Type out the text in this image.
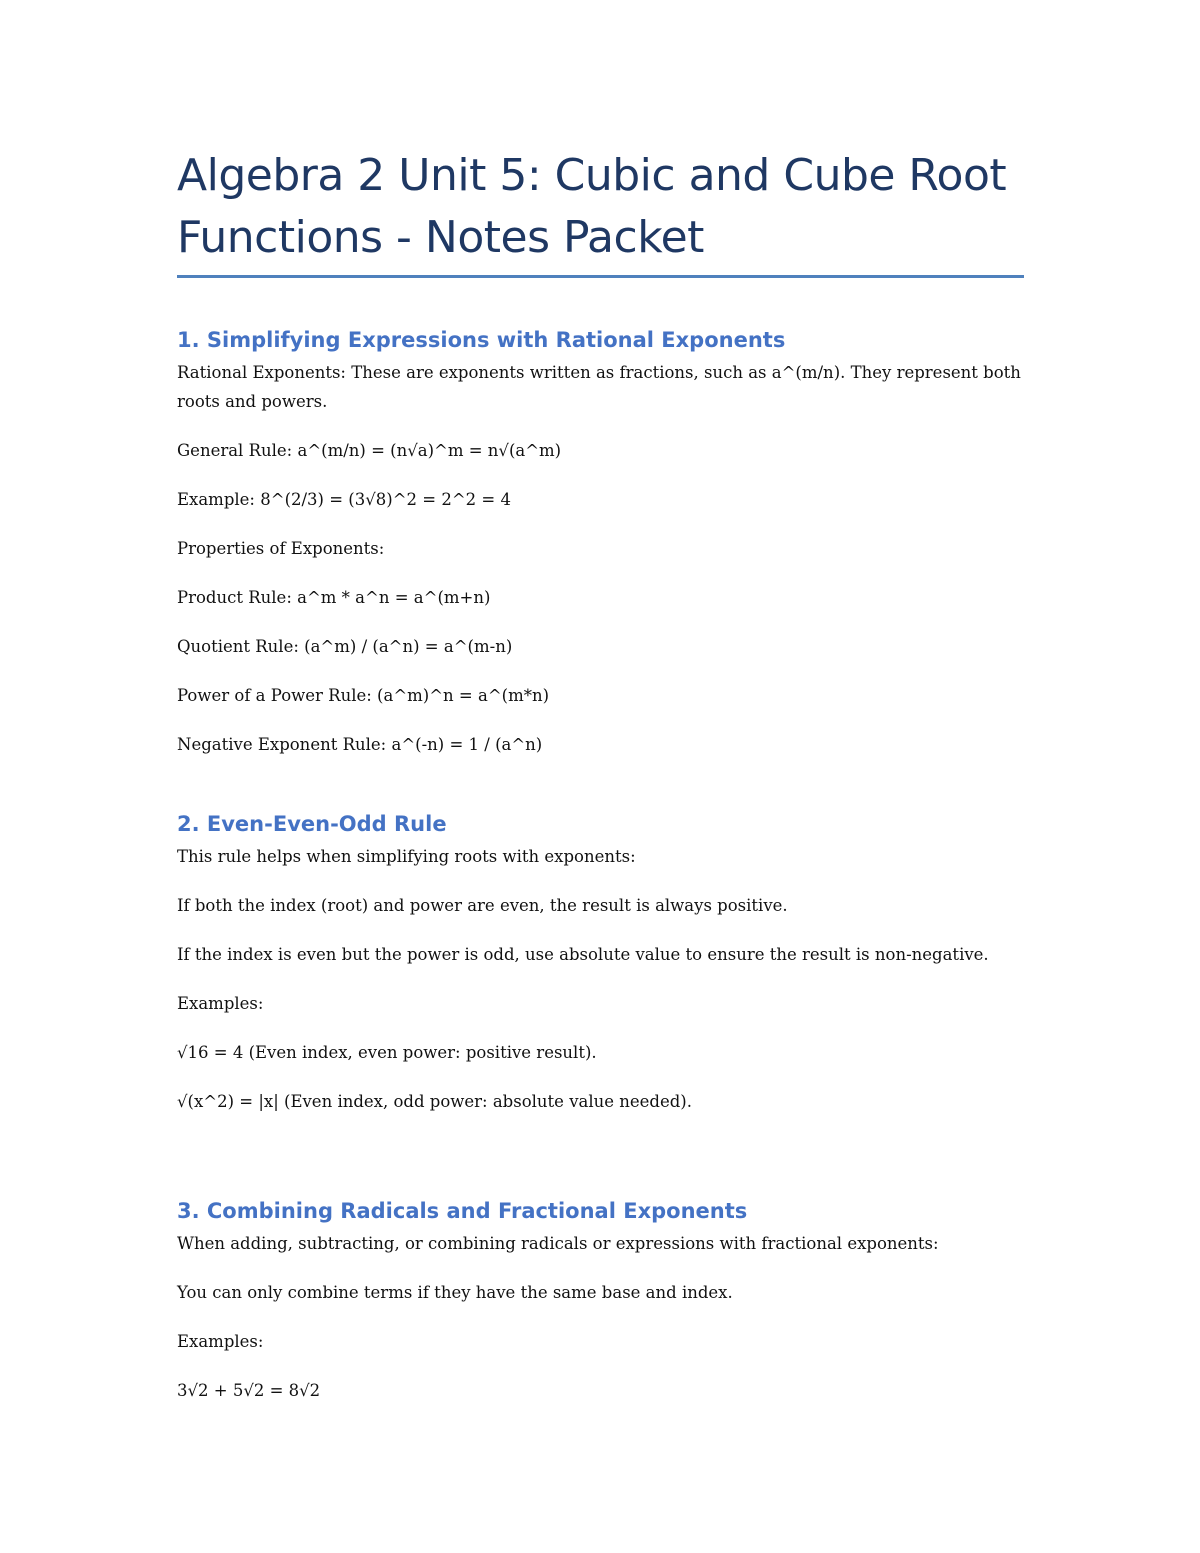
Algebra 2 Unit 5: Cubic and Cube Root Functions - Notes Packet
1. Simplifying Expressions with Rational Exponents

Rational Exponents: These are exponents written as fractions, such as a^(m/n). They represent both roots and powers.

General Rule: a^(m/n) = (n√a)^m = n√(a^m)

Example: 8^(2/3) = (3√8)^2 = 2^2 = 4

Properties of Exponents:

Product Rule: a^m * a^n = a^(m+n)

Quotient Rule: (a^m) / (a^n) = a^(m-n)

Power of a Power Rule: (a^m)^n = a^(m*n)

Negative Exponent Rule: a^(-n) = 1 / (a^n)

2. Even-Even-Odd Rule

This rule helps when simplifying roots with exponents:

If both the index (root) and power are even, the result is always positive.

If the index is even but the power is odd, use absolute value to ensure the result is non-negative.

Examples:

√16 = 4 (Even index, even power: positive result).

√(x^2) = |x| (Even index, odd power: absolute value needed).

3. Combining Radicals and Fractional Exponents

When adding, subtracting, or combining radicals or expressions with fractional exponents:

You can only combine terms if they have the same base and index.

Examples:

3√2 + 5√2 = 8√2
